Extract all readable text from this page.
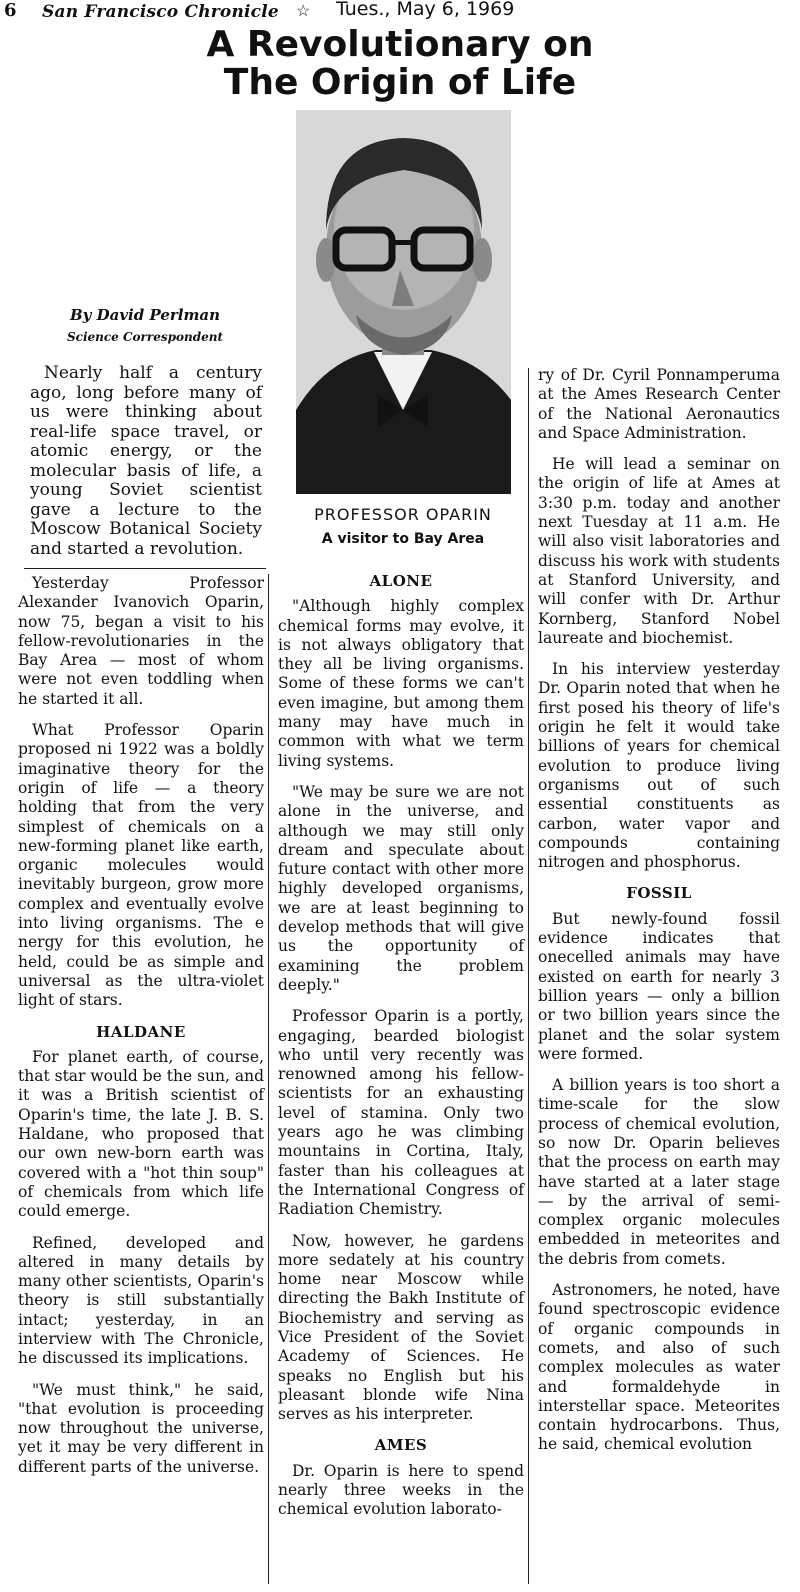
6 San Francisco Chronicle ☆ Tues., May 6, 1969
A Revolutionary on
The Origin of Life
PROFESSOR OPARIN
A visitor to Bay Area
By David Perlman
Science Correspondent
Nearly half a century ago, long before many of us were thinking about real-life space travel, or atomic energy, or the molecular basis of life, a young Soviet scientist gave a lecture to the Moscow Botanical Society and started a revolution.

Yesterday Professor Alexander Ivanovich Oparin, now 75, began a visit to his fellow-revolutionaries in the Bay Area — most of whom were not even toddling when he started it all.

What Professor Oparin proposed ni 1922 was a boldly imaginative theory for the origin of life — a theory holding that from the very simplest of chemicals on a new-forming planet like earth, organic molecules would inevitably burgeon, grow more complex and eventually evolve into living organisms. The e nergy for this evolution, he held, could be as simple and universal as the ultra-violet light of stars.

HALDANE

For planet earth, of course, that star would be the sun, and it was a British scientist of Oparin's time, the late J. B. S. Haldane, who proposed that our own new-born earth was covered with a "hot thin soup" of chemicals from which life could emerge.

Refined, developed and altered in many details by many other scientists, Oparin's theory is still substantially intact; yesterday, in an interview with The Chronicle, he discussed its implications.

"We must think," he said, "that evolution is proceeding now throughout the universe, yet it may be very different in different parts of the universe.

ALONE

"Although highly complex chemical forms may evolve, it is not always obligatory that they all be living organisms. Some of these forms we can't even imagine, but among them many may have much in common with what we term living systems.

"We may be sure we are not alone in the universe, and although we may still only dream and speculate about future contact with other more highly developed organisms, we are at least beginning to develop methods that will give us the opportunity of examining the problem deeply."

Professor Oparin is a portly, engaging, bearded biologist who until very recently was renowned among his fellow-scientists for an exhausting level of stamina. Only two years ago he was climbing mountains in Cortina, Italy, faster than his colleagues at the International Congress of Radiation Chemistry.

Now, however, he gardens more sedately at his country home near Moscow while directing the Bakh Institute of Biochemistry and serving as Vice President of the Soviet Academy of Sciences. He speaks no English but his pleasant blonde wife Nina serves as his interpreter.

AMES

Dr. Oparin is here to spend nearly three weeks in the chemical evolution laborato-

ry of Dr. Cyril Ponnamperuma at the Ames Research Center of the National Aeronautics and Space Administration.

He will lead a seminar on the origin of life at Ames at 3:30 p.m. today and another next Tuesday at 11 a.m. He will also visit laboratories and discuss his work with students at Stanford University, and will confer with Dr. Arthur Kornberg, Stanford Nobel laureate and biochemist.

In his interview yesterday Dr. Oparin noted that when he first posed his theory of life's origin he felt it would take billions of years for chemical evolution to produce living organisms out of such essential constituents as carbon, water vapor and compounds containing nitrogen and phosphorus.

FOSSIL

But newly-found fossil evidence indicates that onecelled animals may have existed on earth for nearly 3 billion years — only a billion or two billion years since the planet and the solar system were formed.

A billion years is too short a time-scale for the slow process of chemical evolution, so now Dr. Oparin believes that the process on earth may have started at a later stage — by the arrival of semi-complex organic molecules embedded in meteorites and the debris from comets.

Astronomers, he noted, have found spectroscopic evidence of organic compounds in comets, and also of such complex molecules as water and formaldehyde in interstellar space. Meteorites contain hydrocarbons. Thus, he said, chemical evolution
